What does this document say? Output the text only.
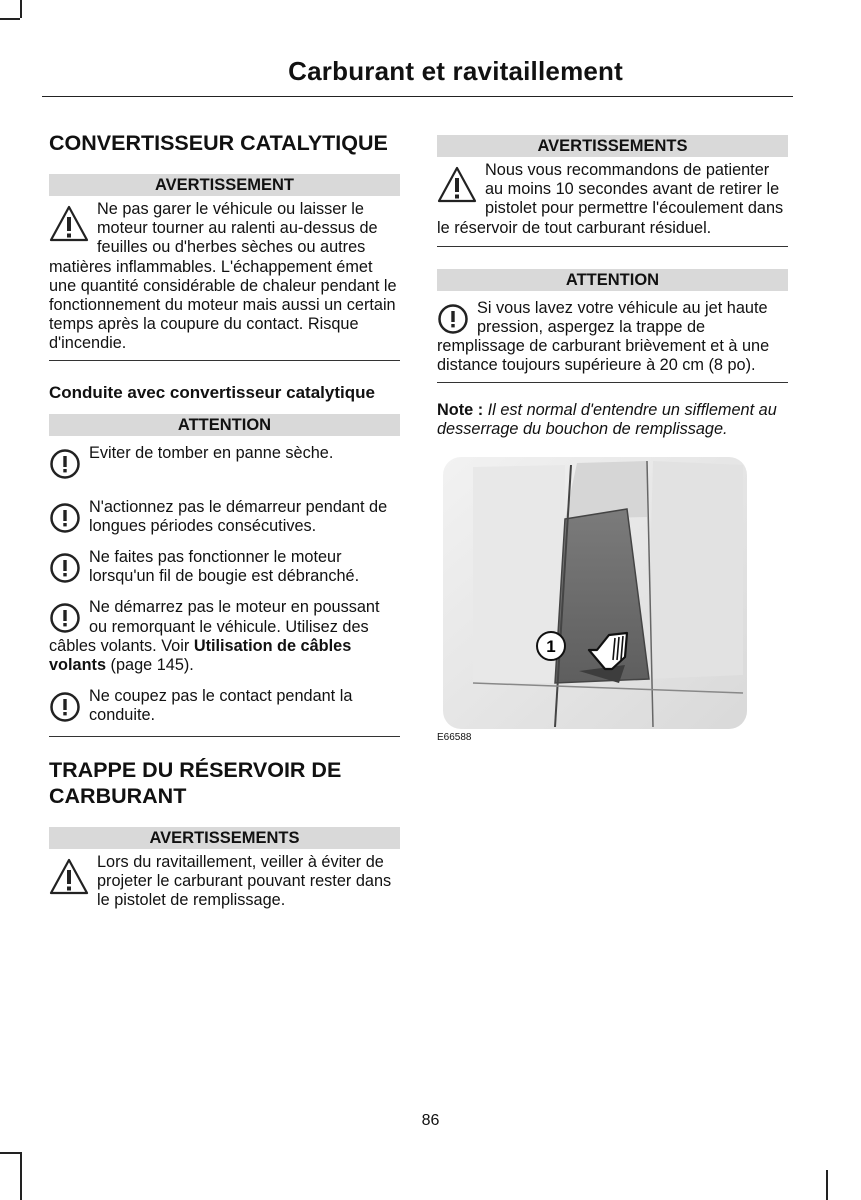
Carburant et ravitaillement
CONVERTISSEUR CATALYTIQUE
AVERTISSEMENT

Ne pas garer le véhicule ou laisser le moteur tourner au ralenti au-dessus de feuilles ou d'herbes sèches ou autres matières inflammables. L'échappement émet une quantité considérable de chaleur pendant le fonctionnement du moteur mais aussi un certain temps après la coupure du contact. Risque d'incendie.

Conduite avec convertisseur catalytique
ATTENTION
Eviter de tomber en panne sèche.
N'actionnez pas le démarreur pendant de longues périodes consécutives.
Ne faites pas fonctionner le moteur lorsqu'un fil de bougie est débranché.
Ne démarrez pas le moteur en poussant ou remorquant le véhicule. Utilisez des câbles volants. Voir Utilisation de câbles volants (page 145).
Ne coupez pas le contact pendant la conduite.
TRAPPE DU RÉSERVOIR DE CARBURANT
AVERTISSEMENTS

Lors du ravitaillement, veiller à éviter de projeter le carburant pouvant rester dans le pistolet de remplissage.

AVERTISSEMENTS

Nous vous recommandons de patienter au moins 10 secondes avant de retirer le pistolet pour permettre l'écoulement dans le réservoir de tout carburant résiduel.

ATTENTION

Si vous lavez votre véhicule au jet haute pression, aspergez la trappe de remplissage de carburant brièvement et à une distance toujours supérieure à 20 cm (8 po).

Note : Il est normal d'entendre un sifflement au desserrage du bouchon de remplissage.

1
E66588
86
